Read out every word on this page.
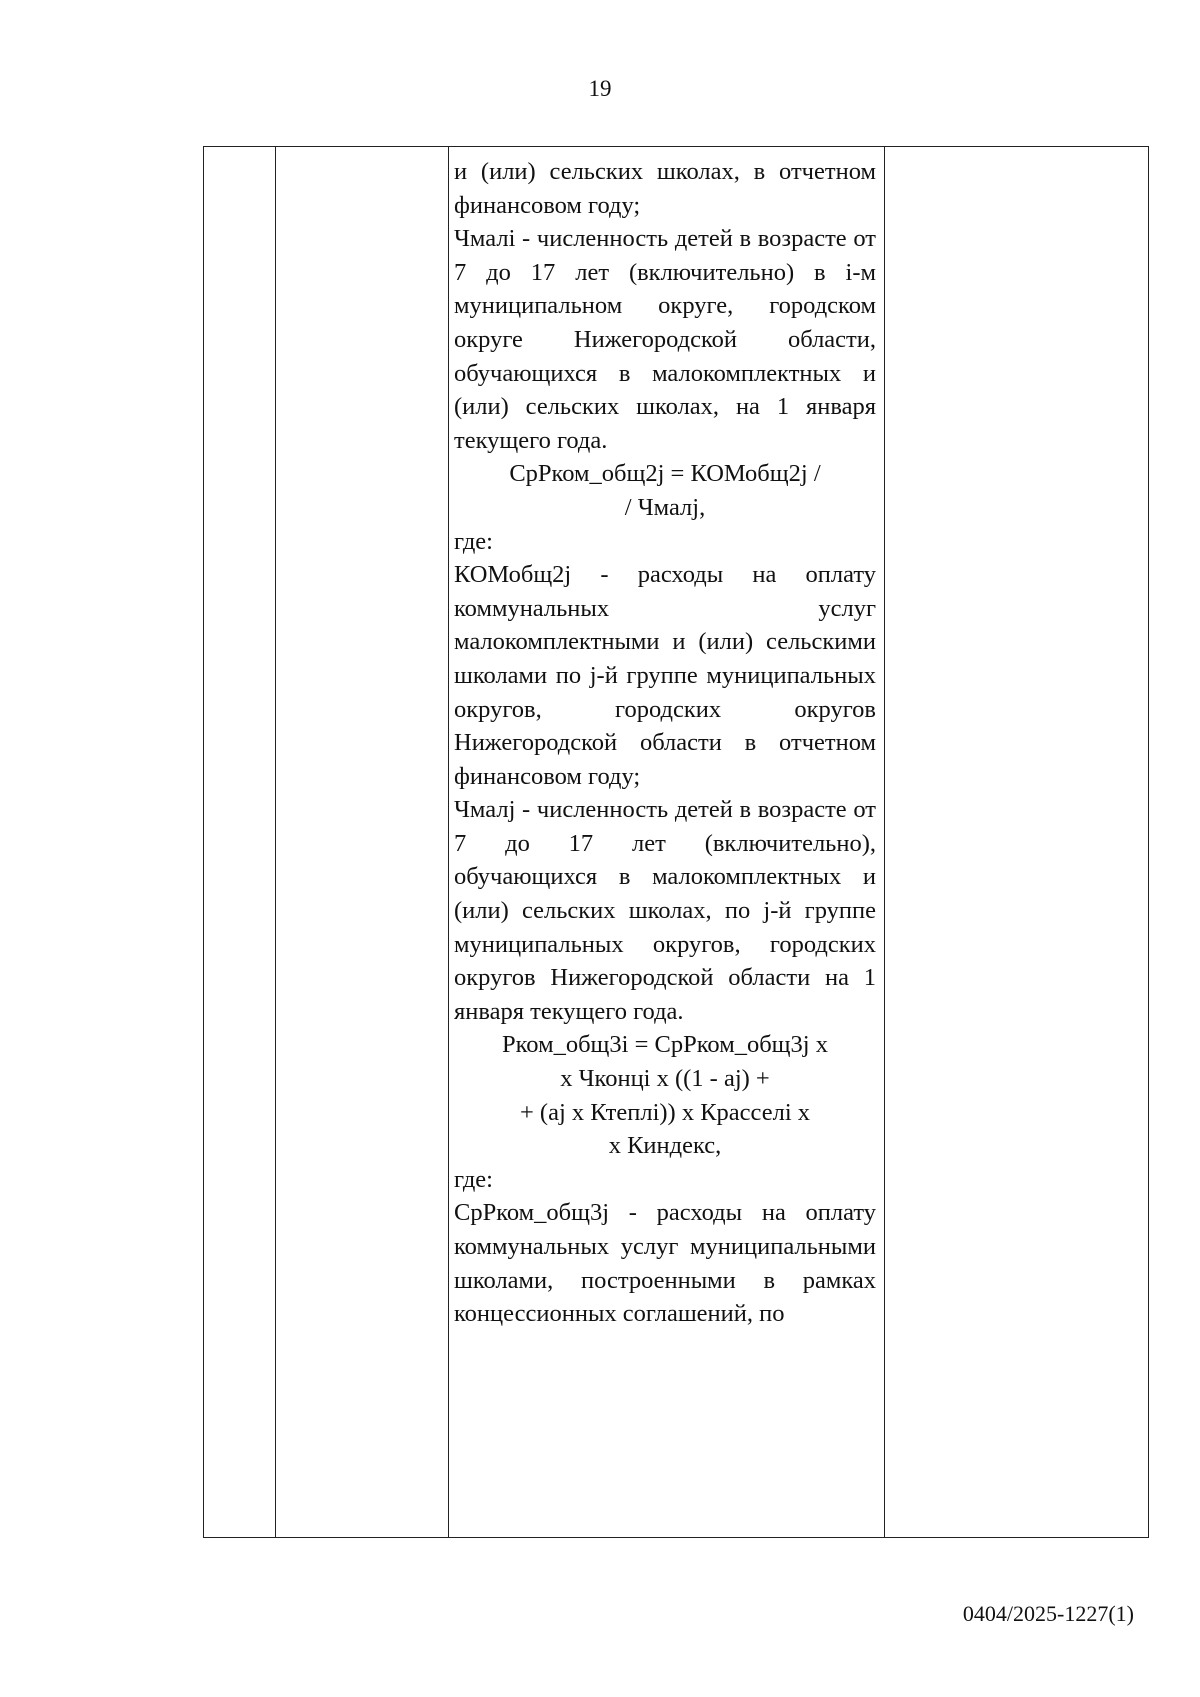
19

и (или) сельских школах, в отчетном финансовом году;

Чмалi - численность детей в возрасте от 7 до 17 лет (включительно) в i-м муниципальном округе, городском округе Нижегородской области, обучающихся в малокомплектных и (или) сельских школах, на 1 января текущего года.

СрРком_общ2j = КОМобщ2j /

/ Чмалj,

где:

КОМобщ2j - расходы на оплату коммунальных услуг малокомплектными и (или) сельскими школами по j-й группе муниципальных округов, городских округов Нижегородской области в отчетном финансовом году;

Чмалj - численность детей в возрасте от 7 до 17 лет (включительно), обучающихся в малокомплектных и (или) сельских школах, по j-й группе муниципальных округов, городских округов Нижегородской области на 1 января текущего года.

Рком_общ3i = СрРком_общ3j х

х Чконцi х ((1 - аj) +

+ (аj х Ктеплi)) х Красселi х

х Киндекс,

где:

СрРком_общ3j - расходы на оплату коммунальных услуг муниципальными школами, построенными в рамках концессионных соглашений, по

0404/2025-1227(1)
